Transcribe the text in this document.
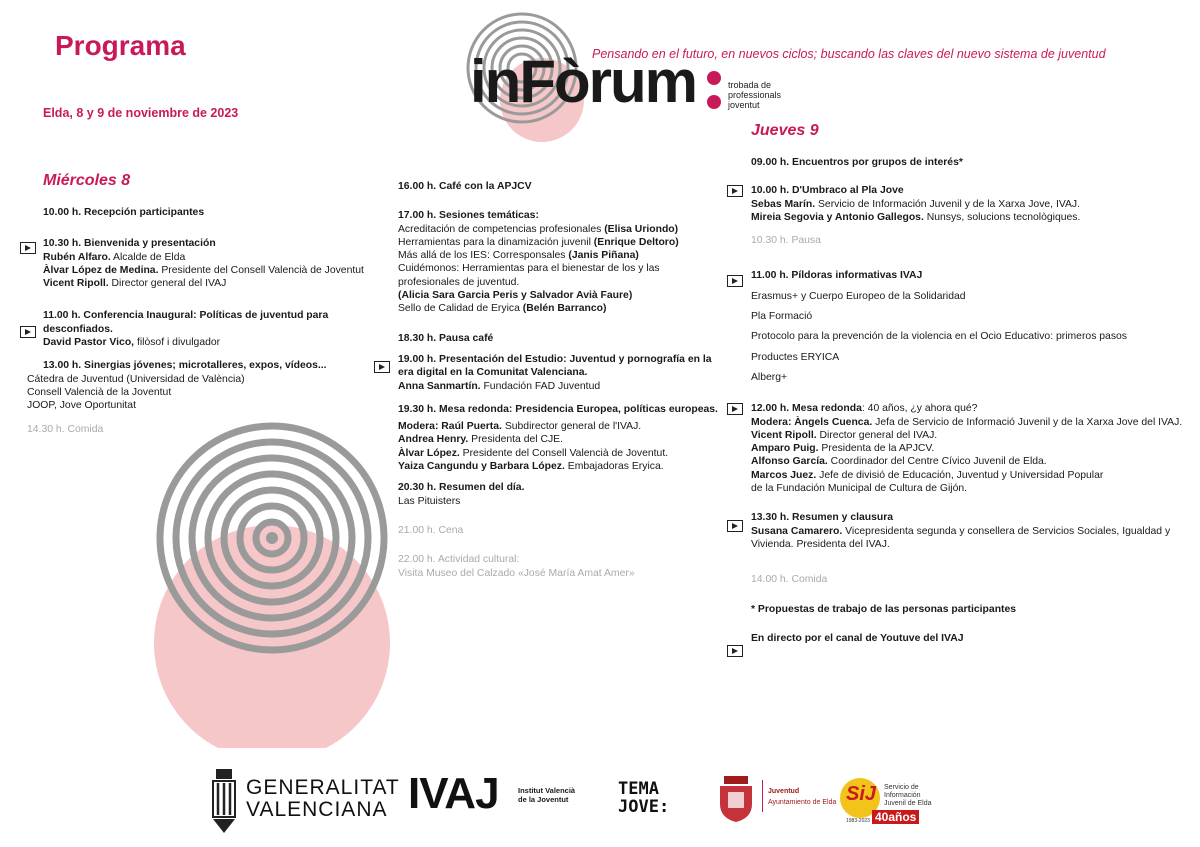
Programa
Elda, 8 y 9 de noviembre de 2023
Pensando en el futuro, en nuevos ciclos; buscando las claves del nuevo sistema de juventud
inFòrum	trobada de
professionals
joventut
Miércoles 8

10.00 h. Recepción participantes

10.30 h. Bienvenida y presentación

Rubén Alfaro. Alcalde de Elda

Àlvar López de Medina. Presidente del Consell Valencià de Joventut

Vicent Ripoll. Director general del IVAJ

11.00 h. Conferencia Inaugural: Políticas de juventud para desconfiados.

David Pastor Vico, filòsof i divulgador

13.00 h. Sinergias jóvenes; microtalleres, expos, vídeos...

Cátedra de Juventud (Universidad de València)

Consell Valencià de la Joventut

JOOP, Jove Oportunitat

14.30 h. Comida

16.00 h. Café con la APJCV

17.00 h. Sesiones temáticas:

Acreditación de competencias profesionales (Elisa Uriondo)

Herramientas para la dinamización juvenil (Enrique Deltoro)

Más allá de los IES: Corresponsales (Janis Piñana)

Cuidémonos: Herramientas para el bienestar de los y las profesionales de juventud.

(Alicia Sara Garcia Peris y Salvador Avià Faure)

Sello de Calidad de Eryica (Belén Barranco)

18.30 h. Pausa café

19.00 h. Presentación del Estudio: Juventud y pornografía en la era digital en la Comunitat Valenciana.

Anna Sanmartín. Fundación FAD Juventud

19.30 h. Mesa redonda: Presidencia Europea, políticas europeas.

Modera: Raúl Puerta. Subdirector general de l'IVAJ.

Andrea Henry. Presidenta del CJE.

Àlvar López. Presidente del Consell Valencià de Joventut.

Yaiza Cangundu y Barbara López. Embajadoras Eryica.

20.30 h. Resumen del día.

Las Pituisters

21.00 h. Cena

22.00 h. Actividad cultural:

Visita Museo del Calzado «José María Amat Amer»

Jueves 9

09.00 h. Encuentros por grupos de interés*

10.00 h. D'Umbraco al Pla Jove

Sebas Marín. Servicio de Información Juvenil y de la Xarxa Jove, IVAJ.

Mireia Segovia y Antonio Gallegos. Nunsys, solucions tecnològiques.

10.30 h. Pausa

11.00 h. Píldoras informativas IVAJ

Erasmus+ y Cuerpo Europeo de la Solidaridad

Pla Formació

Protocolo para la prevención de la violencia en el Ocio Educativo: primeros pasos

Productes ERYICA

Alberg+

12.00 h. Mesa redonda: 40 años, ¿y ahora qué?

Modera: Àngels Cuenca. Jefa de Servicio de Informació Juvenil y de la Xarxa Jove del IVAJ.

Vicent Ripoll. Director general del IVAJ.

Amparo Puig. Presidenta de la APJCV.

Alfonso García. Coordinador del Centre Cívico Juvenil de Elda.

Marcos Juez. Jefe de divisió de Educación, Juventud y Universidad Popular

de la Fundación Municipal de Cultura de Gijón.

13.30 h. Resumen y clausura

Susana Camarero. Vicepresidenta segunda y consellera de Servicios Sociales, Igualdad y Vivienda. Presidenta del IVAJ.

14.00 h. Comida

* Propuestas de trabajo de las personas participantes

En directo por el canal de Youtuve del IVAJ

GENERALITAT
VALENCIANA IVAJ	Institut Valencià
de la Joventut
TEMA
JOVE:
Juventud
Ayuntamiento de Elda SiJ Servicio de
Información
Juvenil de Elda
1983-2023 40años
